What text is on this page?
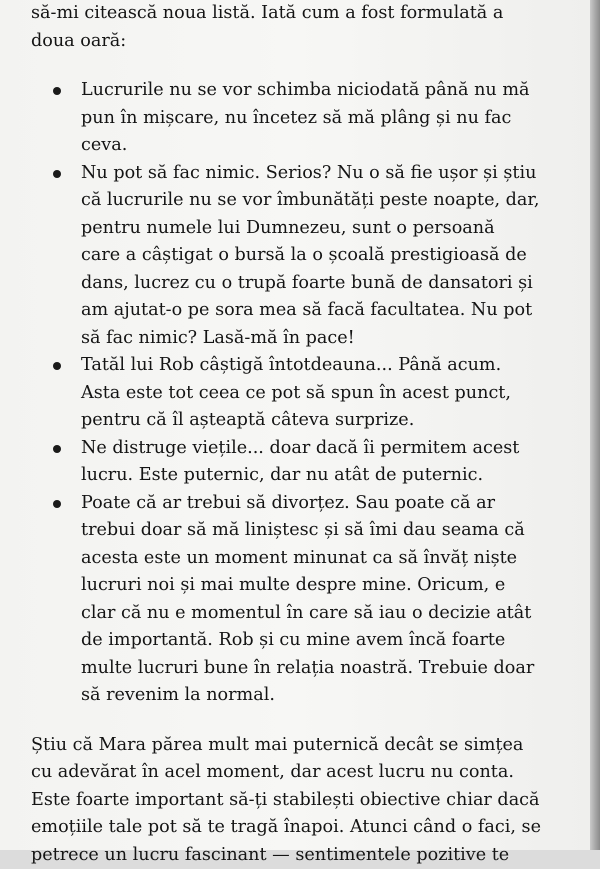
să-mi citească noua listă. Iată cum a fost formulată a
doua oară:
Lucrurile nu se vor schimba niciodată până nu mă
pun în mișcare, nu încetez să mă plâng și nu fac
ceva.
Nu pot să fac nimic. Serios? Nu o să fie ușor și știu
că lucrurile nu se vor îmbunătăți peste noapte, dar,
pentru numele lui Dumnezeu, sunt o persoană
care a câștigat o bursă la o școală prestigioasă de
dans, lucrez cu o trupă foarte bună de dansatori și
am ajutat-o pe sora mea să facă facultatea. Nu pot
să fac nimic? Lasă-mă în pace!
Tatăl lui Rob câștigă întotdeauna... Până acum.
Asta este tot ceea ce pot să spun în acest punct,
pentru că îl așteaptă câteva surprize.
Ne distruge viețile... doar dacă îi permitem acest
lucru. Este puternic, dar nu atât de puternic.
Poate că ar trebui să divorțez. Sau poate că ar
trebui doar să mă liniștesc și să îmi dau seama că
acesta este un moment minunat ca să învăț niște
lucruri noi și mai multe despre mine. Oricum, e
clar că nu e momentul în care să iau o decizie atât
de importantă. Rob și cu mine avem încă foarte
multe lucruri bune în relația noastră. Trebuie doar
să revenim la normal.
Știu că Mara părea mult mai puternică decât se simțea
cu adevărat în acel moment, dar acest lucru nu conta.
Este foarte important să-ți stabilești obiective chiar dacă
emoțiile tale pot să te tragă înapoi. Atunci când o faci, se
petrece un lucru fascinant — sentimentele pozitive te
